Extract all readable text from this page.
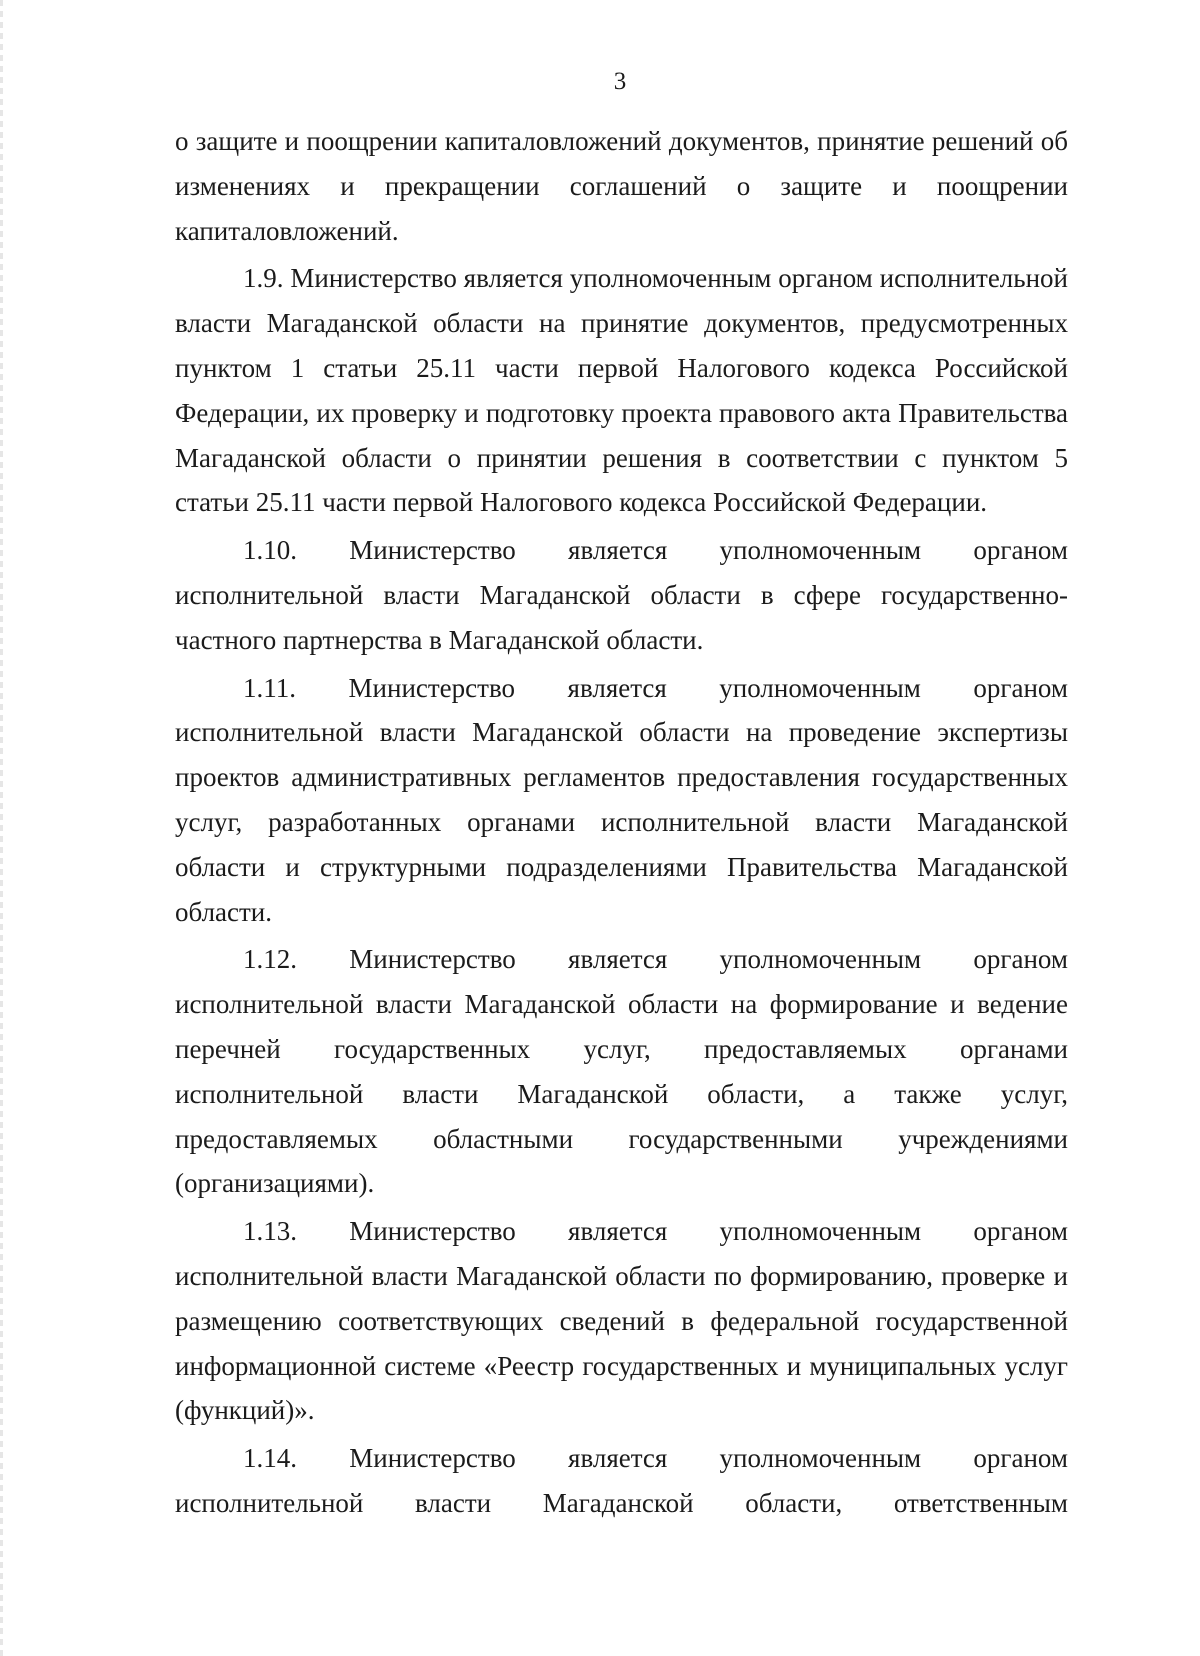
3

о защите и поощрении капиталовложений документов, принятие решений об изменениях и прекращении соглашений о защите и поощрении капиталовложений.

1.9. Министерство является уполномоченным органом исполнительной власти Магаданской области на принятие документов, предусмотренных пунктом 1 статьи 25.11 части первой Налогового кодекса Российской Федерации, их проверку и подготовку проекта правового акта Правительства Магаданской области о принятии решения в соответствии с пунктом 5 статьи 25.11 части первой Налогового кодекса Российской Федерации.

1.10. Министерство является уполномоченным органом исполнительной власти Магаданской области в сфере государственно-частного партнерства в Магаданской области.

1.11. Министерство является уполномоченным органом исполнительной власти Магаданской области на проведение экспертизы проектов административных регламентов предоставления государственных услуг, разработанных органами исполнительной власти Магаданской области и структурными подразделениями Правительства Магаданской области.

1.12. Министерство является уполномоченным органом исполнительной власти Магаданской области на формирование и ведение перечней государственных услуг, предоставляемых органами исполнительной власти Магаданской области, а также услуг, предоставляемых областными государственными учреждениями (организациями).

1.13. Министерство является уполномоченным органом исполнительной власти Магаданской области по формированию, проверке и размещению соответствующих сведений в федеральной государственной информационной системе «Реестр государственных и муниципальных услуг (функций)».

1.14. Министерство является уполномоченным органом исполнительной власти Магаданской области, ответственным
